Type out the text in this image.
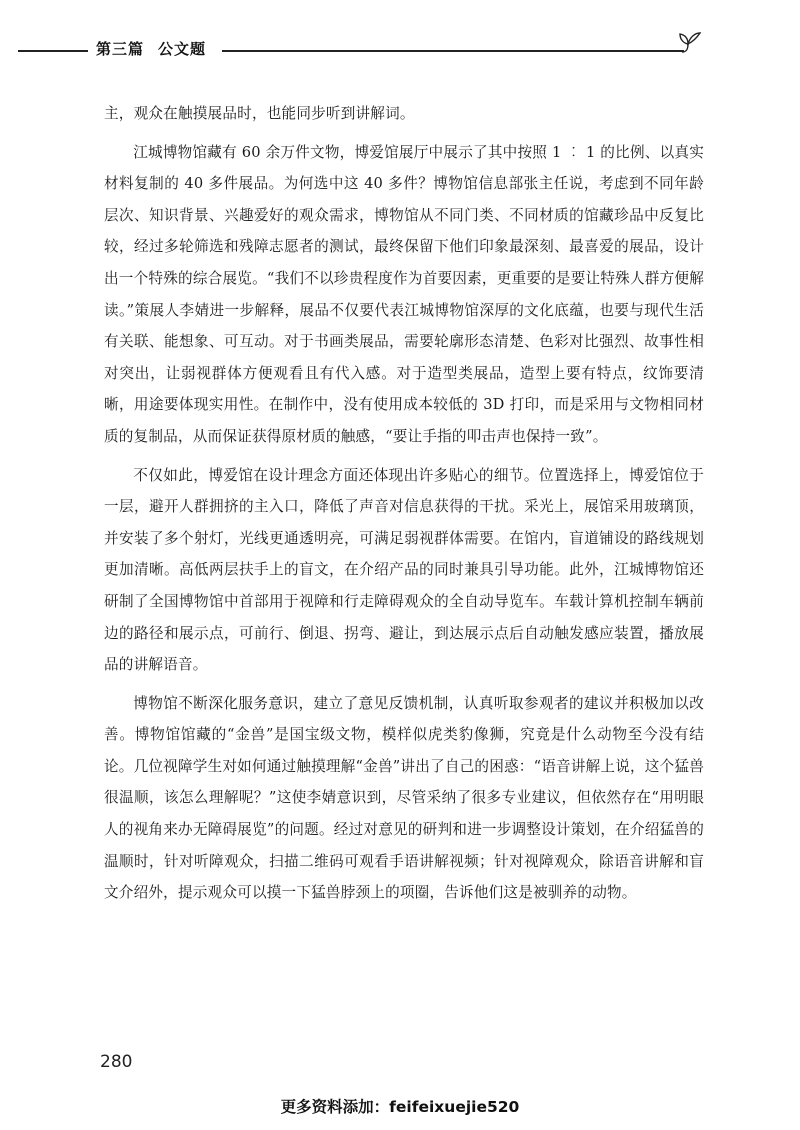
第三篇 公文题

主，观众在触摸展品时，也能同步听到讲解词。

江城博物馆藏有 60 余万件文物，博爱馆展厅中展示了其中按照 1 ︰ 1 的比例、以真实材料复制的 40 多件展品。为何选中这 40 多件？博物馆信息部张主任说，考虑到不同年龄层次、知识背景、兴趣爱好的观众需求，博物馆从不同门类、不同材质的馆藏珍品中反复比较，经过多轮筛选和残障志愿者的测试，最终保留下他们印象最深刻、最喜爱的展品，设计出一个特殊的综合展览。“我们不以珍贵程度作为首要因素，更重要的是要让特殊人群方便解读。”策展人李婧进一步解释，展品不仅要代表江城博物馆深厚的文化底蕴，也要与现代生活有关联、能想象、可互动。对于书画类展品，需要轮廓形态清楚、色彩对比强烈、故事性相对突出，让弱视群体方便观看且有代入感。对于造型类展品，造型上要有特点，纹饰要清晰，用途要体现实用性。在制作中，没有使用成本较低的 3D 打印，而是采用与文物相同材质的复制品，从而保证获得原材质的触感，“要让手指的叩击声也保持一致”。

不仅如此，博爱馆在设计理念方面还体现出许多贴心的细节。位置选择上，博爱馆位于一层，避开人群拥挤的主入口，降低了声音对信息获得的干扰。采光上，展馆采用玻璃顶，并安装了多个射灯，光线更通透明亮，可满足弱视群体需要。在馆内，盲道铺设的路线规划更加清晰。高低两层扶手上的盲文，在介绍产品的同时兼具引导功能。此外，江城博物馆还研制了全国博物馆中首部用于视障和行走障碍观众的全自动导览车。车载计算机控制车辆前边的路径和展示点，可前行、倒退、拐弯、避让，到达展示点后自动触发感应装置，播放展品的讲解语音。

博物馆不断深化服务意识，建立了意见反馈机制，认真听取参观者的建议并积极加以改善。博物馆馆藏的“金兽”是国宝级文物，模样似虎类豹像狮，究竟是什么动物至今没有结论。几位视障学生对如何通过触摸理解“金兽”讲出了自己的困惑：“语音讲解上说，这个猛兽很温顺，该怎么理解呢？”这使李婧意识到，尽管采纳了很多专业建议，但依然存在“用明眼人的视角来办无障碍展览”的问题。经过对意见的研判和进一步调整设计策划，在介绍猛兽的温顺时，针对听障观众，扫描二维码可观看手语讲解视频；针对视障观众，除语音讲解和盲文介绍外，提示观众可以摸一下猛兽脖颈上的项圈，告诉他们这是被驯养的动物。

280
更多资料添加：feifeixuejie520
